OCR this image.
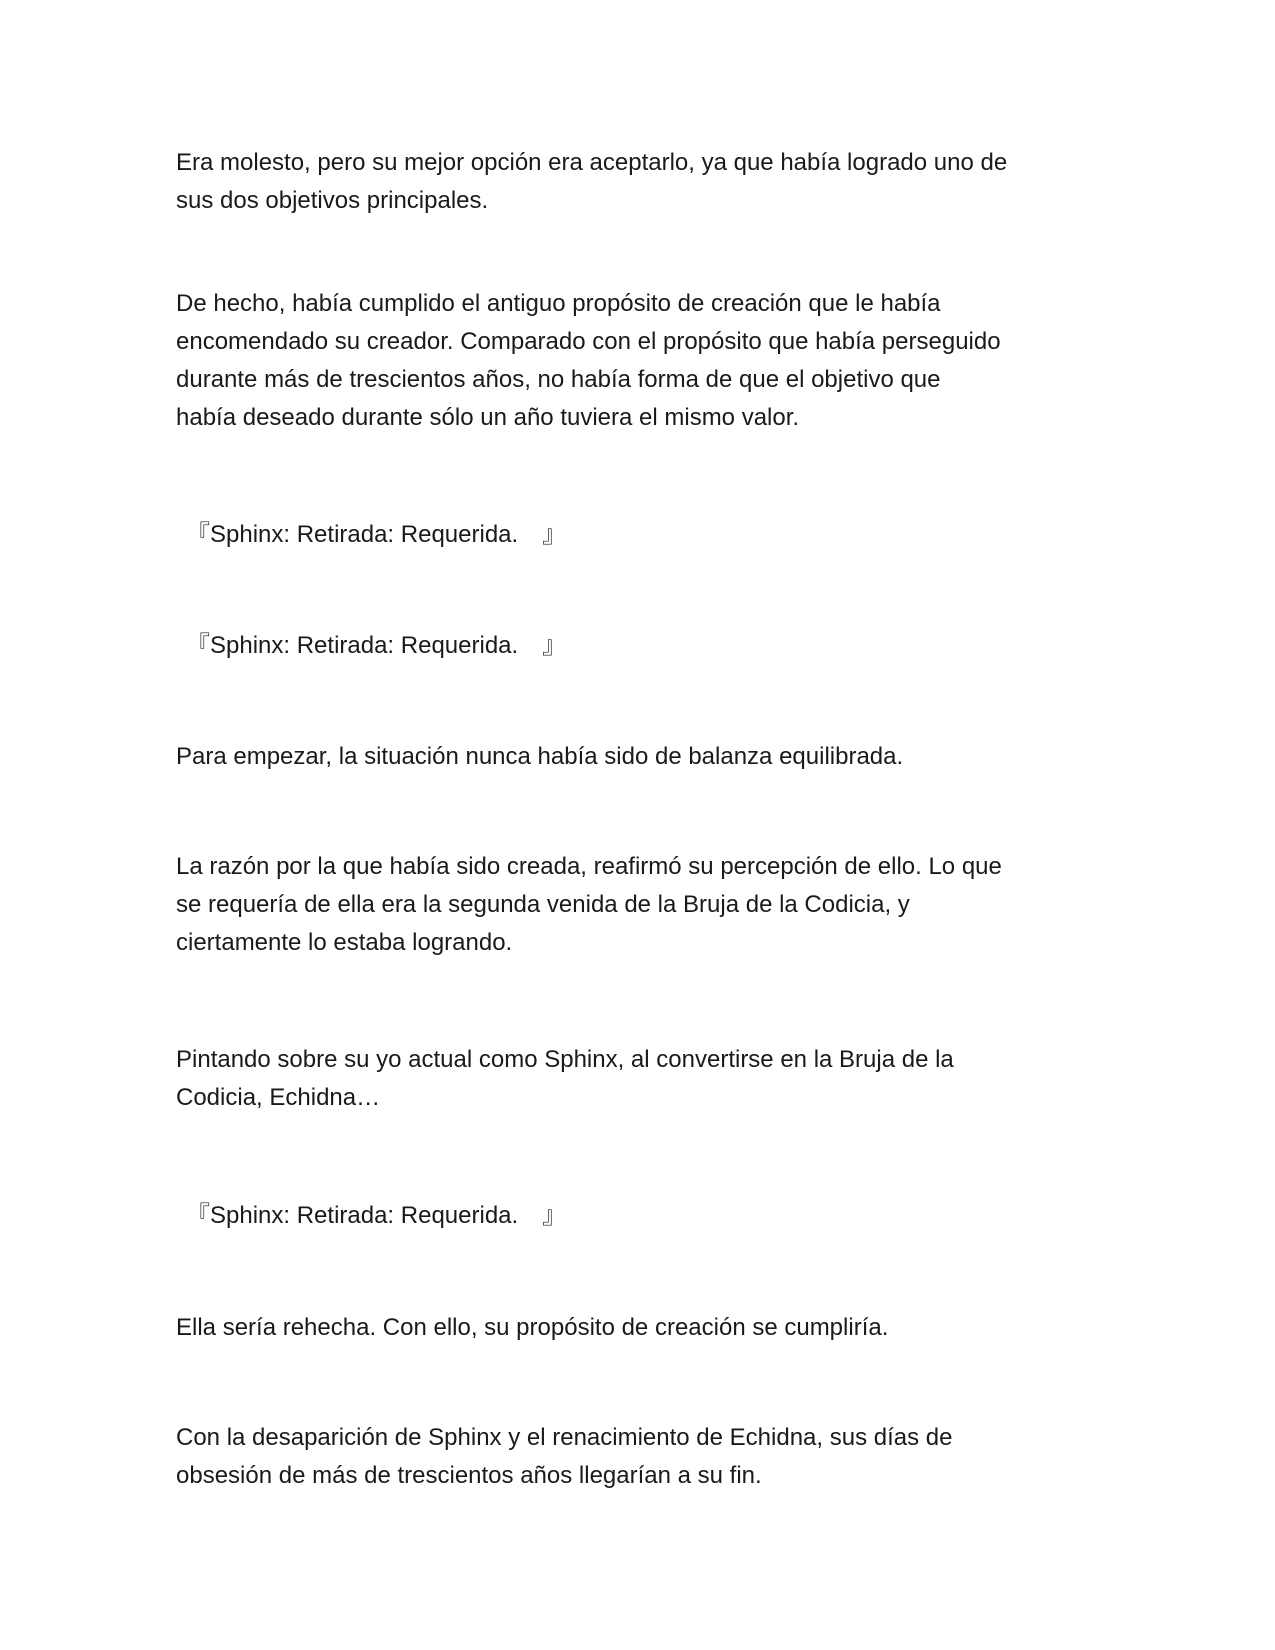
Era molesto, pero su mejor opción era aceptarlo, ya que había logrado uno de
sus dos objetivos principales.

De hecho, había cumplido el antiguo propósito de creación que le había
encomendado su creador. Comparado con el propósito que había perseguido
durante más de trescientos años, no había forma de que el objetivo que
había deseado durante sólo un año tuviera el mismo valor.

『Sphinx: Retirada: Requerida.　』

『Sphinx: Retirada: Requerida.　』

Para empezar, la situación nunca había sido de balanza equilibrada.

La razón por la que había sido creada, reafirmó su percepción de ello. Lo que
se requería de ella era la segunda venida de la Bruja de la Codicia, y
ciertamente lo estaba logrando.

Pintando sobre su yo actual como Sphinx, al convertirse en la Bruja de la
Codicia, Echidna…

『Sphinx: Retirada: Requerida.　』

Ella sería rehecha. Con ello, su propósito de creación se cumpliría.

Con la desaparición de Sphinx y el renacimiento de Echidna, sus días de
obsesión de más de trescientos años llegarían a su fin.
